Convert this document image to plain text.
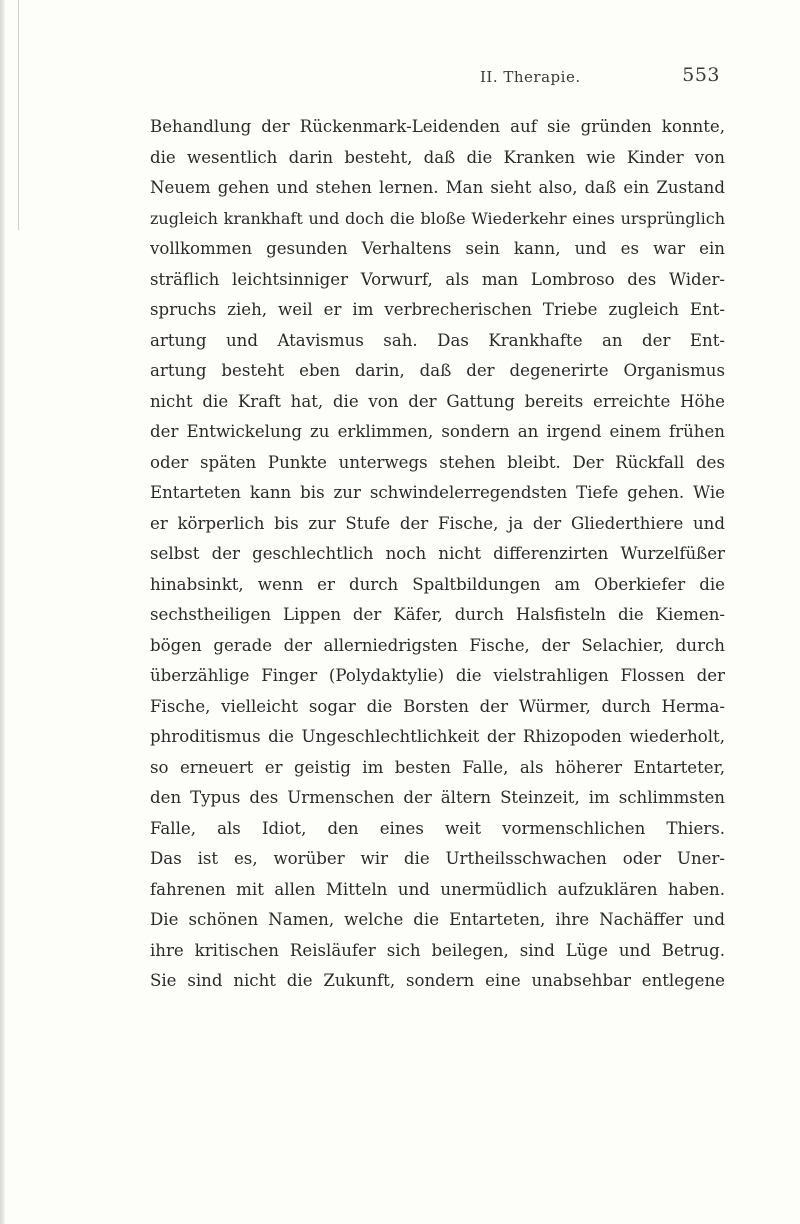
II. Therapie.	553
Behandlung der Rückenmark-Leidenden auf sie gründen konnte,
die wesentlich darin besteht, daß die Kranken wie Kinder von
Neuem gehen und stehen lernen. Man sieht also, daß ein Zustand
zugleich krankhaft und doch die bloße Wiederkehr eines ursprünglich
vollkommen gesunden Verhaltens sein kann, und es war ein
sträflich leichtsinniger Vorwurf, als man Lombroso des Wider-
spruchs zieh, weil er im verbrecherischen Triebe zugleich Ent-
artung und Atavismus sah. Das Krankhafte an der Ent-
artung besteht eben darin, daß der degenerirte Organismus
nicht die Kraft hat, die von der Gattung bereits erreichte Höhe
der Entwickelung zu erklimmen, sondern an irgend einem frühen
oder späten Punkte unterwegs stehen bleibt. Der Rückfall des
Entarteten kann bis zur schwindelerregendsten Tiefe gehen. Wie
er körperlich bis zur Stufe der Fische, ja der Gliederthiere und
selbst der geschlechtlich noch nicht differenzirten Wurzelfüßer
hinabsinkt, wenn er durch Spaltbildungen am Oberkiefer die
sechstheiligen Lippen der Käfer, durch Halsfisteln die Kiemen-
bögen gerade der allerniedrigsten Fische, der Selachier, durch
überzählige Finger (Polydaktylie) die vielstrahligen Flossen der
Fische, vielleicht sogar die Borsten der Würmer, durch Herma-
phroditismus die Ungeschlechtlichkeit der Rhizopoden wiederholt,
so erneuert er geistig im besten Falle, als höherer Entarteter,
den Typus des Urmenschen der ältern Steinzeit, im schlimmsten
Falle, als Idiot, den eines weit vormenschlichen Thiers.
Das ist es, worüber wir die Urtheilsschwachen oder Uner-
fahrenen mit allen Mitteln und unermüdlich aufzuklären haben.
Die schönen Namen, welche die Entarteten, ihre Nachäffer und
ihre kritischen Reisläufer sich beilegen, sind Lüge und Betrug.
Sie sind nicht die Zukunft, sondern eine unabsehbar entlegene
